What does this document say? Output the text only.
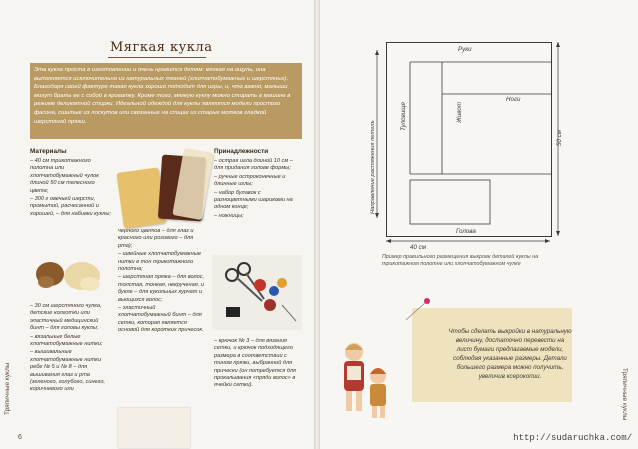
Мягкая кукла
Эта кукла проста в изготовлении и очень нравится детям: мягкая на ощупь, она выполняется исключительно из натуральных тканей (хлопчатобумажных и шерстяных). Благодаря своей фактуре такая кукла хорошо подходит для игры, и, что важно, малыши могут брать ее с собой в кроватку. Кроме того, мягкую куклу можно стирать в машине в режиме деликатной стирки. Идеальной одеждой для куклы являются модели простого фасона, сшитые из лоскутов или связанные на спицах из старых мотков гладкой шерстяной пряжи.
Материалы

– 40 см трикотажного полотна или хлопчатобумажный чулок длиной 50 см телесного цвета;

– 300 г овечьей шерсти, промытой, расчесанной и хорошей, – для набивки куклы;

– 30 см шерстяного чулка, детские колготки или эластичный медицинский бинт – для головы куклы;

– вязальные белые хлопчатобумажные нитки;

– вышивальные хлопчатобумажные нитки ребе № 5 и № 8 – для вышивания глаз и рта (зеленого, голубого, синего, коричневого или

черного цветов – для глаз и красного или розового – для рта);

– швейные хлопчатобумажные нитки в тон трикотажного полотна;

– шерстяная пряжа – для волос, толстая, тонкая, некрученая, и букле – для кукольных курчат и вьющихся волос;

– эластичный хлопчатобумажный бинт – для сетки, которая является основой для коротких причесок.

Принадлежности

– острая игла длиной 10 см – для придания голове формы;

– ручные остроконечные и длинные иглы;

– набор булавок с разноцветными шариками на одном конце;

– ножницы;

– крючок № 3 – для вязания сетки, и крючок подходящего размера в соответствии с тином пряжи, выбранной для прически (он потребуется для прокалывания «пряди волос» в ячейки сетки).

Тряпичные куклы
6
Руки
Туловище	Живот
Ноги
Голова
40 см
50 см
Направление растяжения петель
Пример правильного размещения выкроек деталей куклы на трикотажном полотне или хлопчатобумажном чулке
Чтобы сделать выкройки в натуральную величину, достаточно перевести на лист бумаги предлагаемые модели, соблюдая указанные размеры. Детали большего размера можно получить, увеличив ксерокопии.	Тряпичные куклы
http://sudaruchka.com/
